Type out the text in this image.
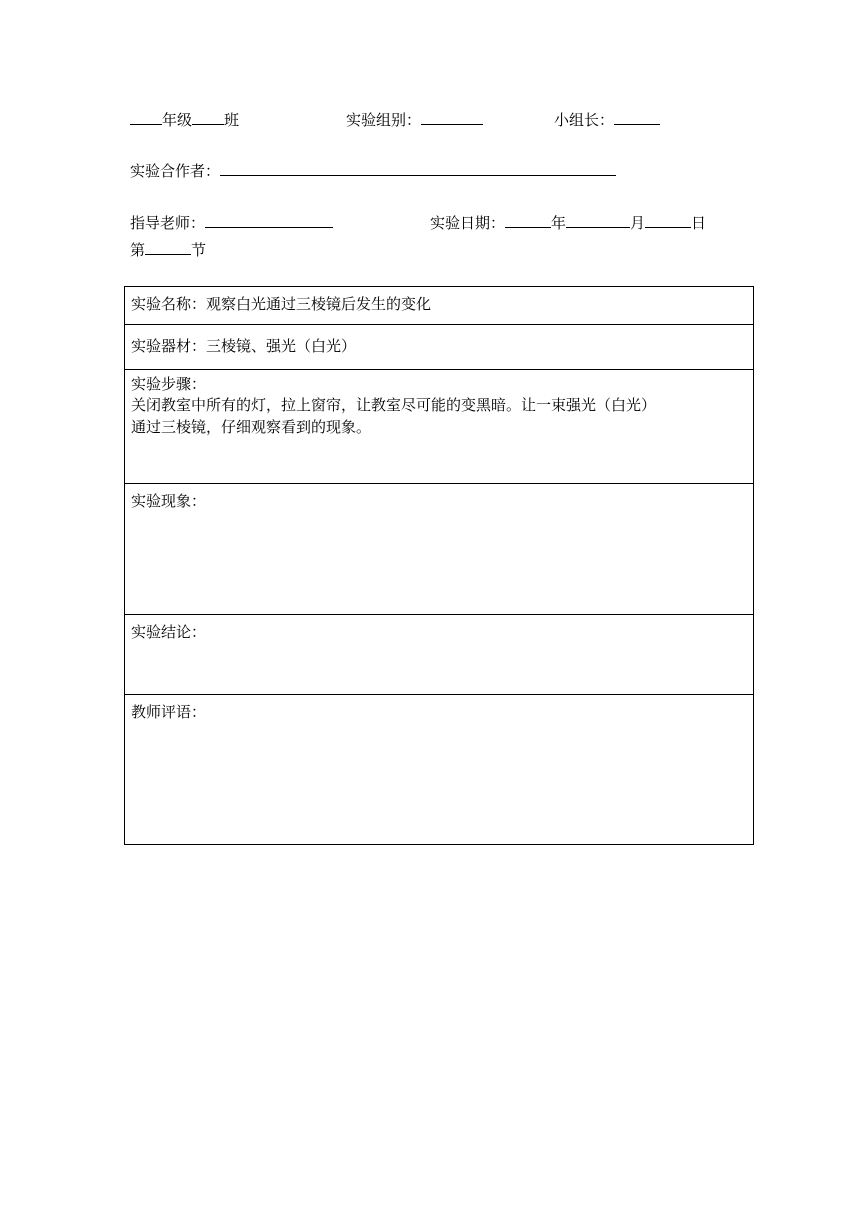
年级 班	实验组别：	小组长：
实验合作者：
指导老师：	实验日期：	年	月	日
第	节
实验名称：观察白光通过三棱镜后发生的变化

实验器材：三棱镜、强光（白光）

实验步骤：
关闭教室中所有的灯，拉上窗帘，让教室尽可能的变黑暗。让一束强光（白光）
通过三棱镜，仔细观察看到的现象。

实验现象：

实验结论：

教师评语：
